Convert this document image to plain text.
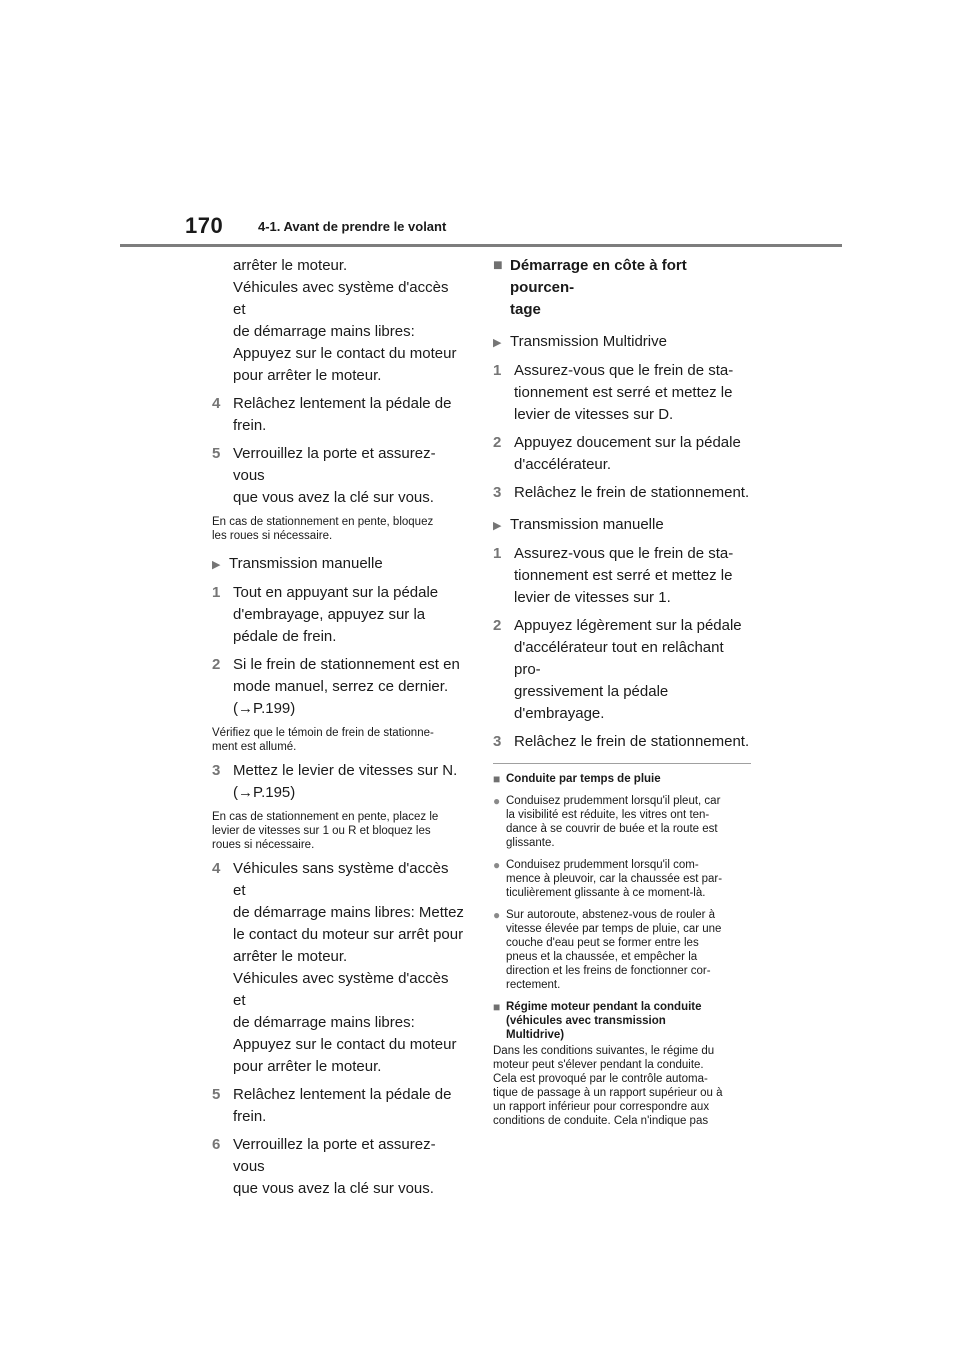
170	4-1. Avant de prendre le volant
arrêter le moteur.
Véhicules avec système d'accès et
de démarrage mains libres:
Appuyez sur le contact du moteur
pour arrêter le moteur.
4 Relâchez lentement la pédale de
frein.
5 Verrouillez la porte et assurez-vous
que vous avez la clé sur vous.
En cas de stationnement en pente, bloquez
les roues si nécessaire.
▶ Transmission manuelle
1 Tout en appuyant sur la pédale
d'embrayage, appuyez sur la
pédale de frein.
2 Si le frein de stationnement est en
mode manuel, serrez ce dernier.
(→P.199)
Vérifiez que le témoin de frein de stationne-
ment est allumé.
3 Mettez le levier de vitesses sur N.
(→P.195)
En cas de stationnement en pente, placez le
levier de vitesses sur 1 ou R et bloquez les
roues si nécessaire.
4 Véhicules sans système d'accès et
de démarrage mains libres: Mettez
le contact du moteur sur arrêt pour
arrêter le moteur.
Véhicules avec système d'accès et
de démarrage mains libres:
Appuyez sur le contact du moteur
pour arrêter le moteur.
5 Relâchez lentement la pédale de
frein.
6 Verrouillez la porte et assurez-vous
que vous avez la clé sur vous.
■ Démarrage en côte à fort pourcen-
tage
▶ Transmission Multidrive
1 Assurez-vous que le frein de sta-
tionnement est serré et mettez le
levier de vitesses sur D.
2 Appuyez doucement sur la pédale
d'accélérateur.
3 Relâchez le frein de stationnement.
▶ Transmission manuelle
1 Assurez-vous que le frein de sta-
tionnement est serré et mettez le
levier de vitesses sur 1.
2 Appuyez légèrement sur la pédale
d'accélérateur tout en relâchant pro-
gressivement la pédale
d'embrayage.
3 Relâchez le frein de stationnement.
■ Conduite par temps de pluie
● Conduisez prudemment lorsqu'il pleut, car
la visibilité est réduite, les vitres ont ten-
dance à se couvrir de buée et la route est
glissante.
● Conduisez prudemment lorsqu'il com-
mence à pleuvoir, car la chaussée est par-
ticulièrement glissante à ce moment-là.
● Sur autoroute, abstenez-vous de rouler à
vitesse élevée par temps de pluie, car une
couche d'eau peut se former entre les
pneus et la chaussée, et empêcher la
direction et les freins de fonctionner cor-
rectement.
■ Régime moteur pendant la conduite
(véhicules avec transmission
Multidrive)
Dans les conditions suivantes, le régime du
moteur peut s'élever pendant la conduite.
Cela est provoqué par le contrôle automa-
tique de passage à un rapport supérieur ou à
un rapport inférieur pour correspondre aux
conditions de conduite. Cela n'indique pas
